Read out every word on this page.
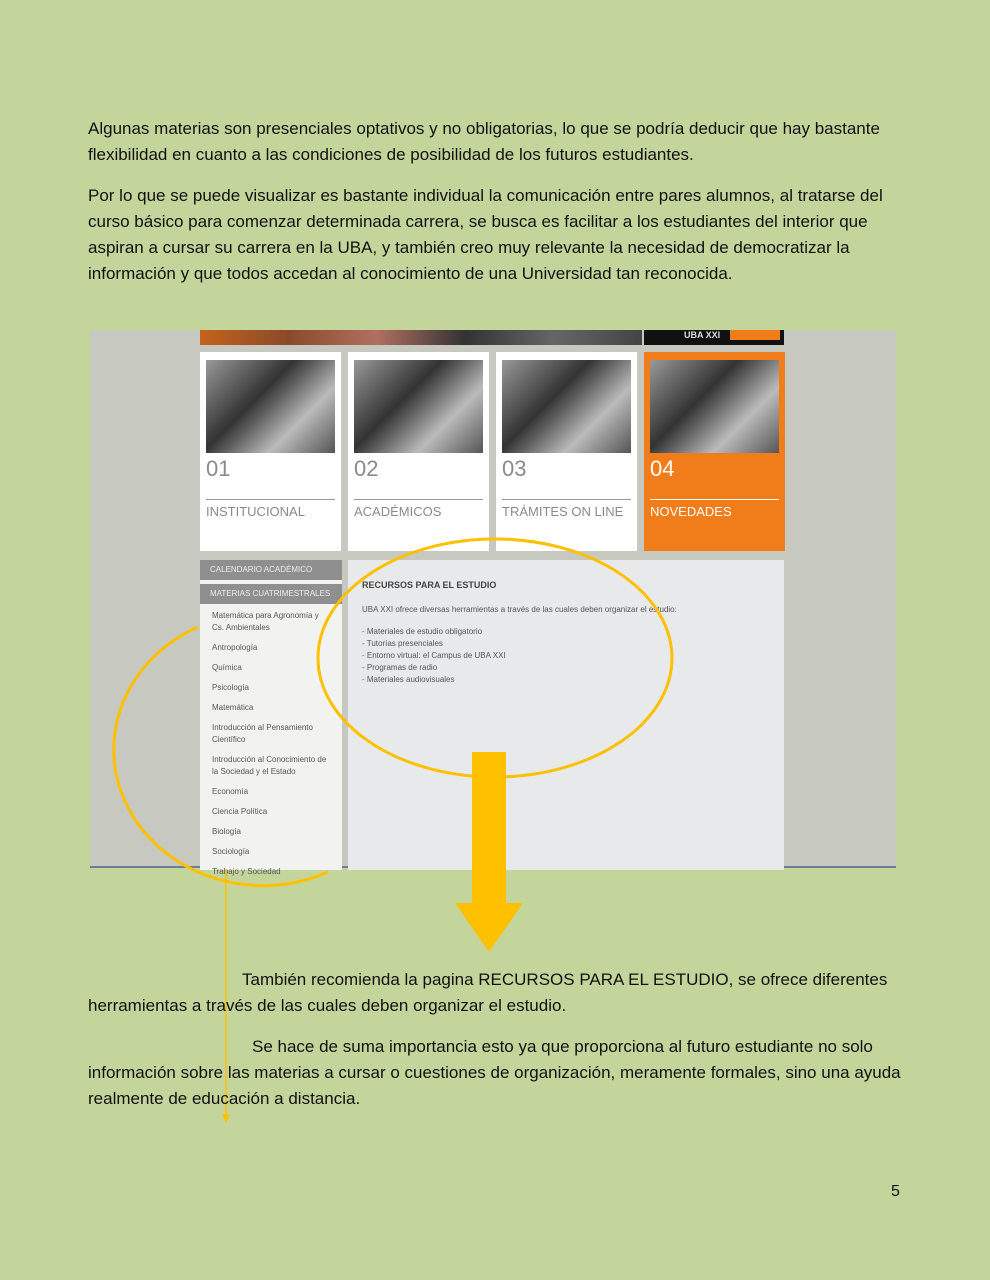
Algunas materias son presenciales optativos y no obligatorias, lo que se podría deducir que hay bastante flexibilidad en cuanto a las condiciones de posibilidad de los futuros estudiantes.

Por lo que se puede visualizar es bastante individual la comunicación entre pares alumnos, al tratarse del curso básico para comenzar determinada carrera, se busca es facilitar a los estudiantes del interior que aspiran a cursar su carrera en la UBA, y también creo muy relevante la necesidad de democratizar la información y que todos accedan al conocimiento de una Universidad tan reconocida.

UBA XXI
01
INSTITUCIONAL
02
ACADÉMICOS
03
TRÁMITES ON LINE
04
NOVEDADES
CALENDARIO ACADÉMICO
MATERIAS CUATRIMESTRALES
Matemática para Agronomía y Cs. Ambientales
Antropología
Química
Psicología
Matemática
Introducción al Pensamiento Científico
Introducción al Conocimiento de la Sociedad y el Estado
Economía
Ciencia Política
Biología
Sociología
Trabajo y Sociedad
RECURSOS PARA EL ESTUDIO

UBA XXI ofrece diversas herramientas a través de las cuales deben organizar el estudio:

- Materiales de estudio obligatorio
- Tutorías presenciales
- Entorno virtual: el Campus de UBA XXI
- Programas de radio
- Materiales audiovisuales

También recomienda la pagina RECURSOS PARA EL ESTUDIO, se ofrece diferentes herramientas a través de las cuales deben organizar el estudio.

Se hace de suma importancia esto ya que proporciona al futuro estudiante no solo información sobre las materias a cursar o cuestiones de organización, meramente formales, sino una ayuda realmente de educación a distancia.

5
